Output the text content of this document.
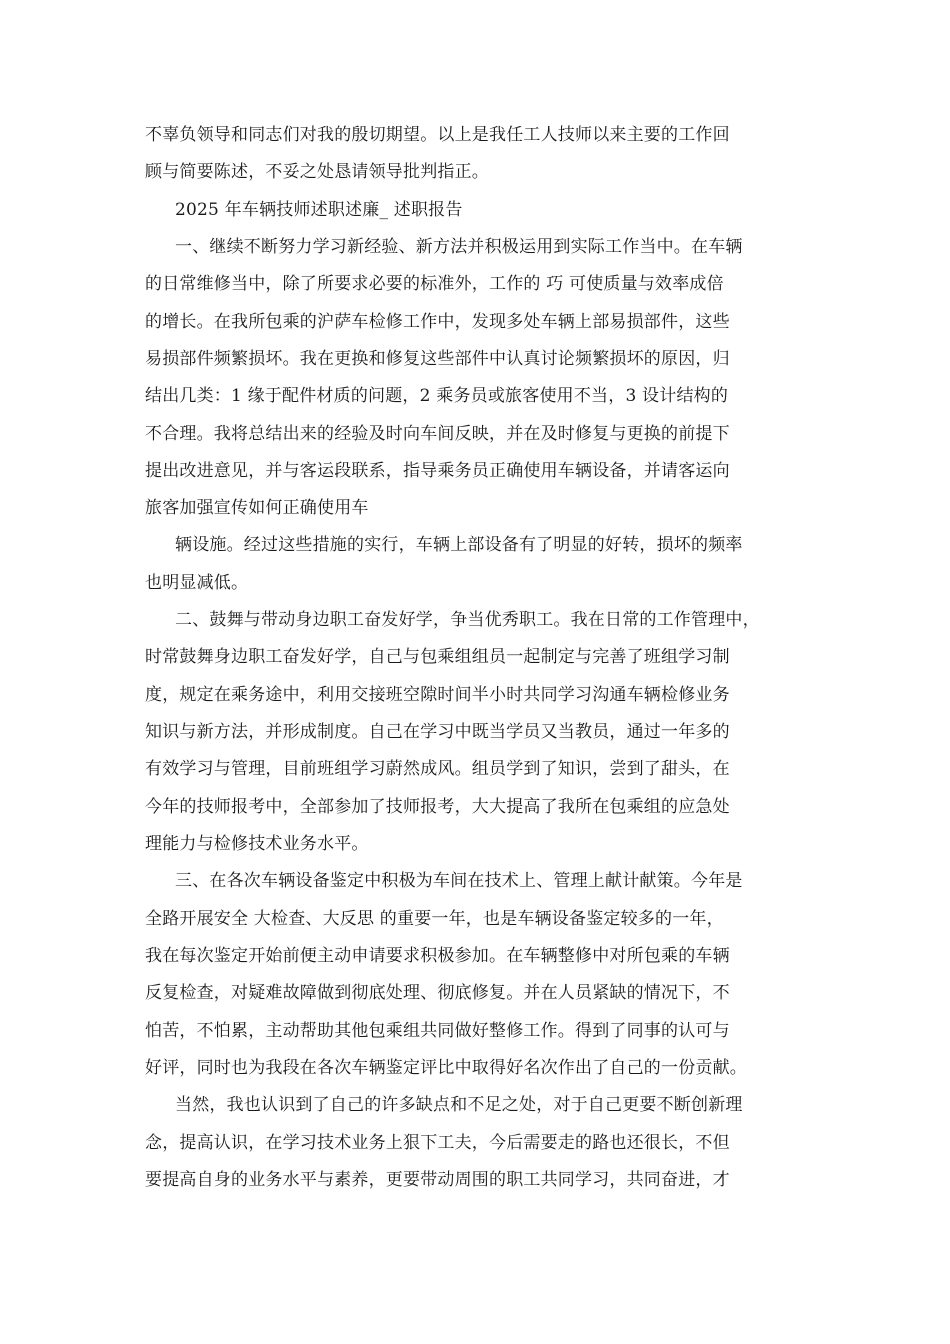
不辜负领导和同志们对我的殷切期望。以上是我任工人技师以来主要的工作回
顾与简要陈述，不妥之处恳请领导批判指正。
2025 年车辆技师述职述廉_ 述职报告
一、继续不断努力学习新经验、新方法并积极运用到实际工作当中。在车辆
的日常维修当中，除了所要求必要的标准外，工作的 巧 可使质量与效率成倍
的增长。在我所包乘的沪萨车检修工作中，发现多处车辆上部易损部件，这些
易损部件频繁损坏。我在更换和修复这些部件中认真讨论频繁损坏的原因，归
结出几类：1 缘于配件材质的问题，2 乘务员或旅客使用不当，3 设计结构的
不合理。我将总结出来的经验及时向车间反映，并在及时修复与更换的前提下
提出改进意见，并与客运段联系，指导乘务员正确使用车辆设备，并请客运向
旅客加强宣传如何正确使用车
辆设施。经过这些措施的实行，车辆上部设备有了明显的好转，损坏的频率
也明显减低。
二、鼓舞与带动身边职工奋发好学，争当优秀职工。我在日常的工作管理中，
时常鼓舞身边职工奋发好学，自己与包乘组组员一起制定与完善了班组学习制
度，规定在乘务途中，利用交接班空隙时间半小时共同学习沟通车辆检修业务
知识与新方法，并形成制度。自己在学习中既当学员又当教员，通过一年多的
有效学习与管理，目前班组学习蔚然成风。组员学到了知识，尝到了甜头，在
今年的技师报考中，全部参加了技师报考，大大提高了我所在包乘组的应急处
理能力与检修技术业务水平。
三、在各次车辆设备鉴定中积极为车间在技术上、管理上献计献策。今年是
全路开展安全 大检查、大反思 的重要一年，也是车辆设备鉴定较多的一年，
我在每次鉴定开始前便主动申请要求积极参加。在车辆整修中对所包乘的车辆
反复检查，对疑难故障做到彻底处理、彻底修复。并在人员紧缺的情况下，不
怕苦，不怕累，主动帮助其他包乘组共同做好整修工作。得到了同事的认可与
好评，同时也为我段在各次车辆鉴定评比中取得好名次作出了自己的一份贡献。
当然，我也认识到了自己的许多缺点和不足之处，对于自己更要不断创新理
念，提高认识，在学习技术业务上狠下工夫，今后需要走的路也还很长，不但
要提高自身的业务水平与素养，更要带动周围的职工共同学习，共同奋进，才
